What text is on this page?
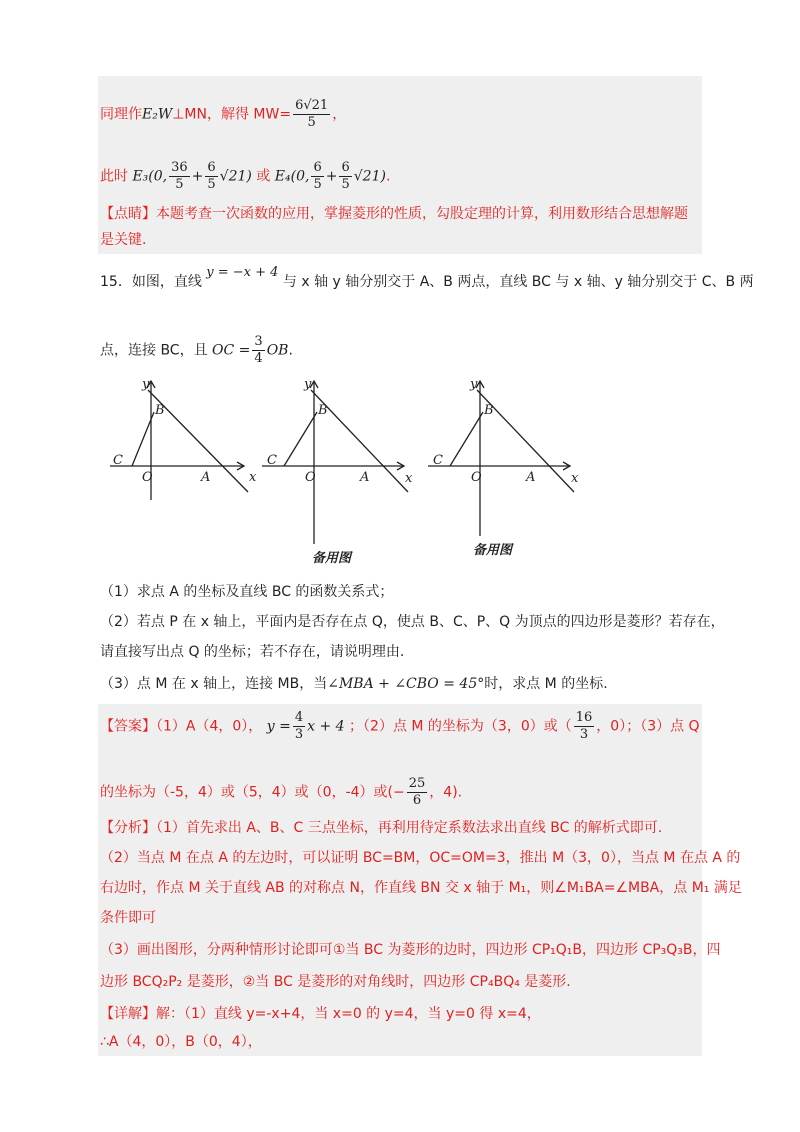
同理作E₂W⊥MN，解得 $MW= \frac{6√21}{5}$ ，
此时 E₃(0, $\frac{36}{5} + \frac{6}{5} √21$) 或 E₄(0, $\frac{6}{5} + \frac{6}{5} √21$).
【点睛】本题考查一次函数的应用，掌握菱形的性质，勾股定理的计算，利用数形结合思想解题
是关键.
15．如图，直线 y = −x + 4 与 x 轴 y 轴分别交于 A、B 两点，直线 BC 与 x 轴、y 轴分别交于 C、B 两
点，连接 BC，且 OC = $\frac{3}{4}$ OB.
y
x
B
C
O	A
y
x
B
C
O	A
备用图
y
x
B
C
O	A
备用图
（1）求点 A 的坐标及直线 BC 的函数关系式；
（2）若点 P 在 x 轴上，平面内是否存在点 Q，使点 B、C、P、Q 为顶点的四边形是菱形？若存在，
请直接写出点 Q 的坐标；若不存在，请说明理由.
（3）点 M 在 x 轴上，连接 MB，当∠MBA + ∠CBO = 45°时，求点 M 的坐标.
【答案】（1）A（4，0）， $y = \frac{4}{3}$ x + 4 ；（2）点 M 的坐标为（3，0）或（ $\frac{16}{3}$ ，0）；（3）点 Q
的坐标为（-5，4）或（5，4）或（0，-4）或(− $\frac{25}{6}$ ，4).
【分析】（1）首先求出 A、B、C 三点坐标，再利用待定系数法求出直线 BC 的解析式即可.
（2）当点 M 在点 A 的左边时，可以证明 BC=BM，OC=OM=3，推出 M（3，0），当点 M 在点 A 的
右边时，作点 M 关于直线 AB 的对称点 N，作直线 BN 交 x 轴于 M₁，则∠M₁BA=∠MBA，点 M₁ 满足
条件即可
（3）画出图形，分两种情形讨论即可①当 BC 为菱形的边时，四边形 CP₁Q₁B，四边形 CP₃Q₃B，四
边形 BCQ₂P₂ 是菱形，②当 BC 是菱形的对角线时，四边形 CP₄BQ₄ 是菱形.
【详解】解：（1）直线 y=-x+4，当 x=0 的 y=4，当 y=0 得 x=4，
∴A（4，0），B（0，4），
